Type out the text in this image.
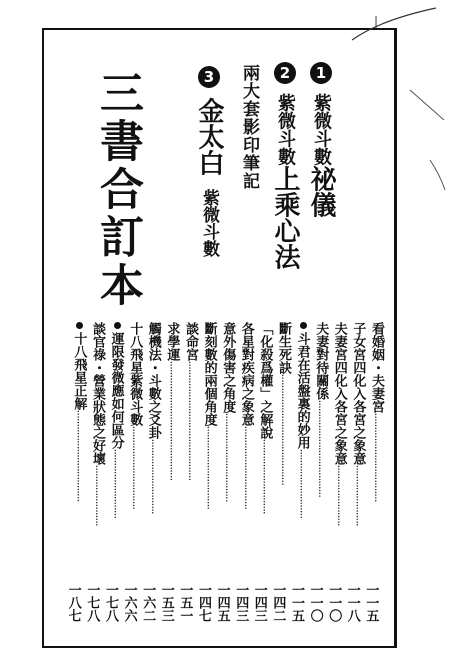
|
三書合訂本	1 紫微斗數祕儀
2 紫微斗數上乘心法
兩大套影印筆記
3 金太白 紫微斗數
看婚姻・夫妻宮································
一一五
子女宮四化入各宮之象意······················
一一八
夫妻宮四化入各宮之象意······················
一一〇
夫妻對待關係···································
一一〇
斗君在活盤裏的妙用·························
一一五
斷生死訣········································
一四二
「化殺爲權」之解說···························
一四三
各星對疾病之象意······························
一四三
意外傷害之角度································
一四五
斷刻數的兩個角度······························
一四七
談命宮···········································
一五一
求學運···········································
一五三
觸機法・斗數之爻卦···························
一六二
十八飛星紫微斗數······························
一六六
運限發微應如何區分·························
一七八
談官祿・營業狀態之好壞······················
一七八
十八飛星正解·································
一八七
